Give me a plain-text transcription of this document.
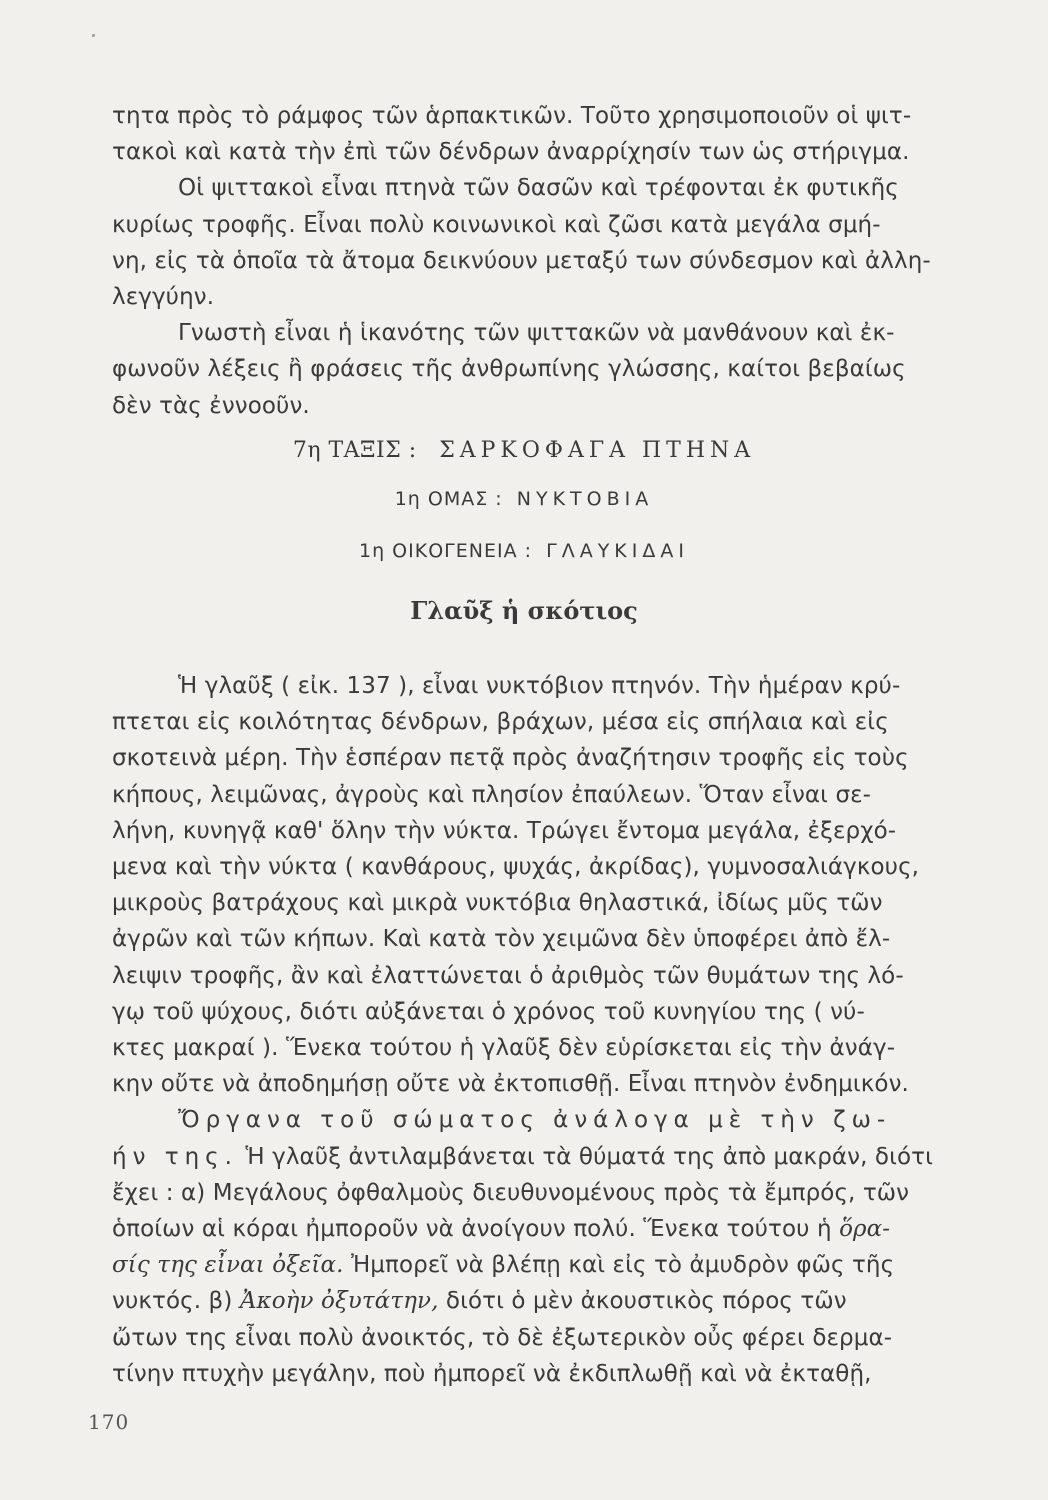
τητα πρὸς τὸ ράμφος τῶν ἁρπακτικῶν. Τοῦτο χρησιμοποιοῦν οἱ ψιτ-
τακοὶ καὶ κατὰ τὴν ἐπὶ τῶν δένδρων ἀναρρίχησίν των ὡς στήριγμα.

Οἱ ψιττακοὶ εἶναι πτηνὰ τῶν δασῶν καὶ τρέφονται ἐκ φυτικῆς
κυρίως τροφῆς. Εἶναι πολὺ κοινωνικοὶ καὶ ζῶσι κατὰ μεγάλα σμή-
νη, εἰς τὰ ὁποῖα τὰ ἄτομα δεικνύουν μεταξύ των σύνδεσμον καὶ ἀλλη-
λεγγύην.

Γνωστὴ εἶναι ἡ ἱκανότης τῶν ψιττακῶν νὰ μανθάνουν καὶ ἐκ-
φωνοῦν λέξεις ἢ φράσεις τῆς ἀνθρωπίνης γλώσσης, καίτοι βεβαίως
δὲν τὰς ἐννοοῦν.

7η ΤΑΞΙΣ : ΣΑΡΚΟΦΑΓΑ ΠΤΗΝΑ
1η ΟΜΑΣ : ΝΥΚΤΟΒΙΑ
1η ΟΙΚΟΓΕΝΕΙΑ : ΓΛΑΥΚΙΔΑΙ
Γλαῦξ ἡ σκότιος

Ἡ γλαῦξ ( εἰκ. 137 ), εἶναι νυκτόβιον πτηνόν. Τὴν ἡμέραν κρύ-
πτεται εἰς κοιλότητας δένδρων, βράχων, μέσα εἰς σπήλαια καὶ εἰς
σκοτεινὰ μέρη. Τὴν ἑσπέραν πετᾷ πρὸς ἀναζήτησιν τροφῆς εἰς τοὺς
κήπους, λειμῶνας, ἀγροὺς καὶ πλησίον ἐπαύλεων. Ὅταν εἶναι σε-
λήνη, κυνηγᾷ καθ' ὅλην τὴν νύκτα. Τρώγει ἔντομα μεγάλα, ἐξερχό-
μενα καὶ τὴν νύκτα ( κανθάρους, ψυχάς, ἀκρίδας), γυμνοσαλιάγκους,
μικροὺς βατράχους καὶ μικρὰ νυκτόβια θηλαστικά, ἰδίως μῦς τῶν
ἀγρῶν καὶ τῶν κήπων. Καὶ κατὰ τὸν χειμῶνα δὲν ὑποφέρει ἀπὸ ἔλ-
λειψιν τροφῆς, ἂν καὶ ἐλαττώνεται ὁ ἀριθμὸς τῶν θυμάτων της λό-
γῳ τοῦ ψύχους, διότι αὐξάνεται ὁ χρόνος τοῦ κυνηγίου της ( νύ-
κτες μακραί ). Ἕνεκα τούτου ἡ γλαῦξ δὲν εὑρίσκεται εἰς τὴν ἀνάγ-
κην οὔτε νὰ ἀποδημήσῃ οὔτε νὰ ἐκτοπισθῇ. Εἶναι πτηνὸν ἐνδημικόν.

Ὄργανα τοῦ σώματος ἀνάλογα μὲ τὴν ζω-
ήν της. Ἡ γλαῦξ ἀντιλαμβάνεται τὰ θύματά της ἀπὸ μακράν, διότι
ἔχει : α) Μεγάλους ὀφθαλμοὺς διευθυνομένους πρὸς τὰ ἔμπρός, τῶν
ὁποίων αἱ κόραι ἠμποροῦν νὰ ἀνοίγουν πολύ. Ἕνεκα τούτου ἡ ὅρα-
σίς της εἶναι ὀξεῖα. Ἠμπορεῖ νὰ βλέπῃ καὶ εἰς τὸ ἀμυδρὸν φῶς τῆς
νυκτός. β) Ἀκοὴν ὀξυτάτην, διότι ὁ μὲν ἀκουστικὸς πόρος τῶν
ὤτων της εἶναι πολὺ ἀνοικτός, τὸ δὲ ἐξωτερικὸν οὖς φέρει δερμα-
τίνην πτυχὴν μεγάλην, ποὺ ἠμπορεῖ νὰ ἐκδιπλωθῇ καὶ νὰ ἐκταθῇ,

170
